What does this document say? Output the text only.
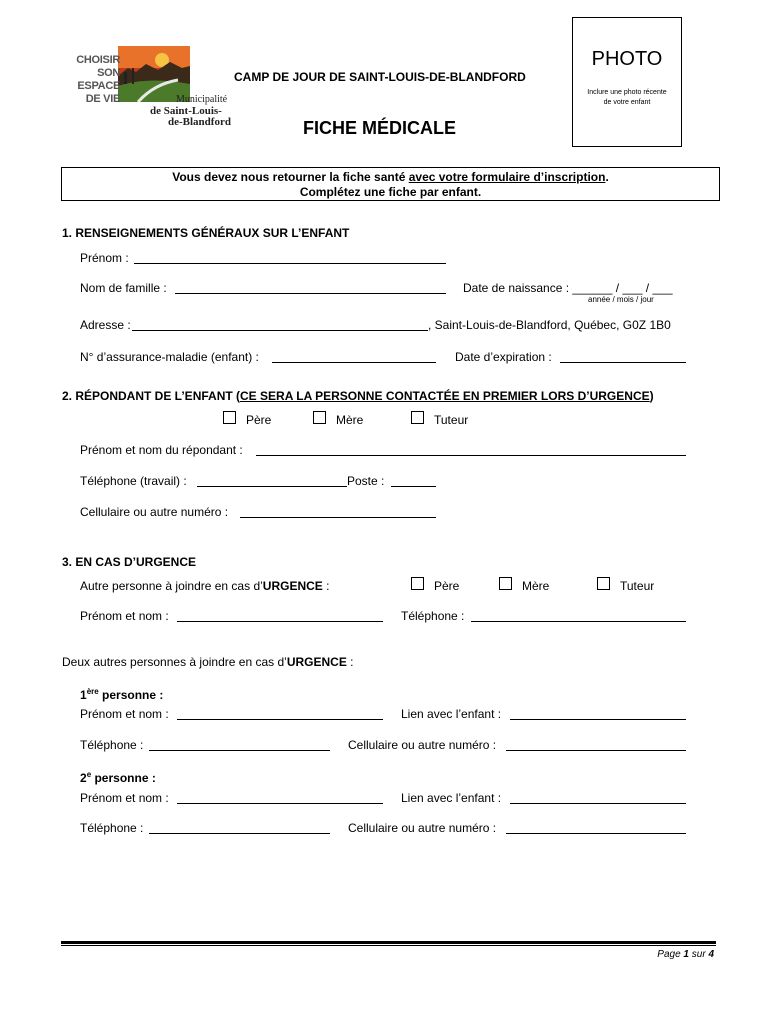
CHOISIR
SON ESPACE
DE VIE	Municipalité
de Saint-Louis-
de-Blandford
CAMP DE JOUR DE SAINT-LOUIS-DE-BLANDFORD
FICHE MÉDICALE
PHOTO
Inclure une photo récente
de votre enfant
Vous devez nous retourner la fiche santé avec votre formulaire d’inscription.
Complétez une fiche par enfant.
1. RENSEIGNEMENTS GÉNÉRAUX SUR L’ENFANT
Prénom :
Nom de famille :	Date de naissance : ______ / ___ / ___
année / mois / jour
Adresse :	, Saint-Louis-de-Blandford, Québec, G0Z 1B0
N° d’assurance-maladie (enfant) :	Date d’expiration :
2. RÉPONDANT DE L’ENFANT (CE SERA LA PERSONNE CONTACTÉE EN PREMIER LORS D’URGENCE)
Père	Mère	Tuteur
Prénom et nom du répondant :
Téléphone (travail) :	Poste :
Cellulaire ou autre numéro :
3. EN CAS D’URGENCE
Autre personne à joindre en cas d’URGENCE :	Père	Mère	Tuteur
Prénom et nom :	Téléphone :
Deux autres personnes à joindre en cas d’URGENCE :
1ère personne :
Prénom et nom :	Lien avec l’enfant :
Téléphone :	Cellulaire ou autre numéro :
2e personne :
Prénom et nom :	Lien avec l’enfant :
Téléphone :	Cellulaire ou autre numéro :
Page 1 sur 4
